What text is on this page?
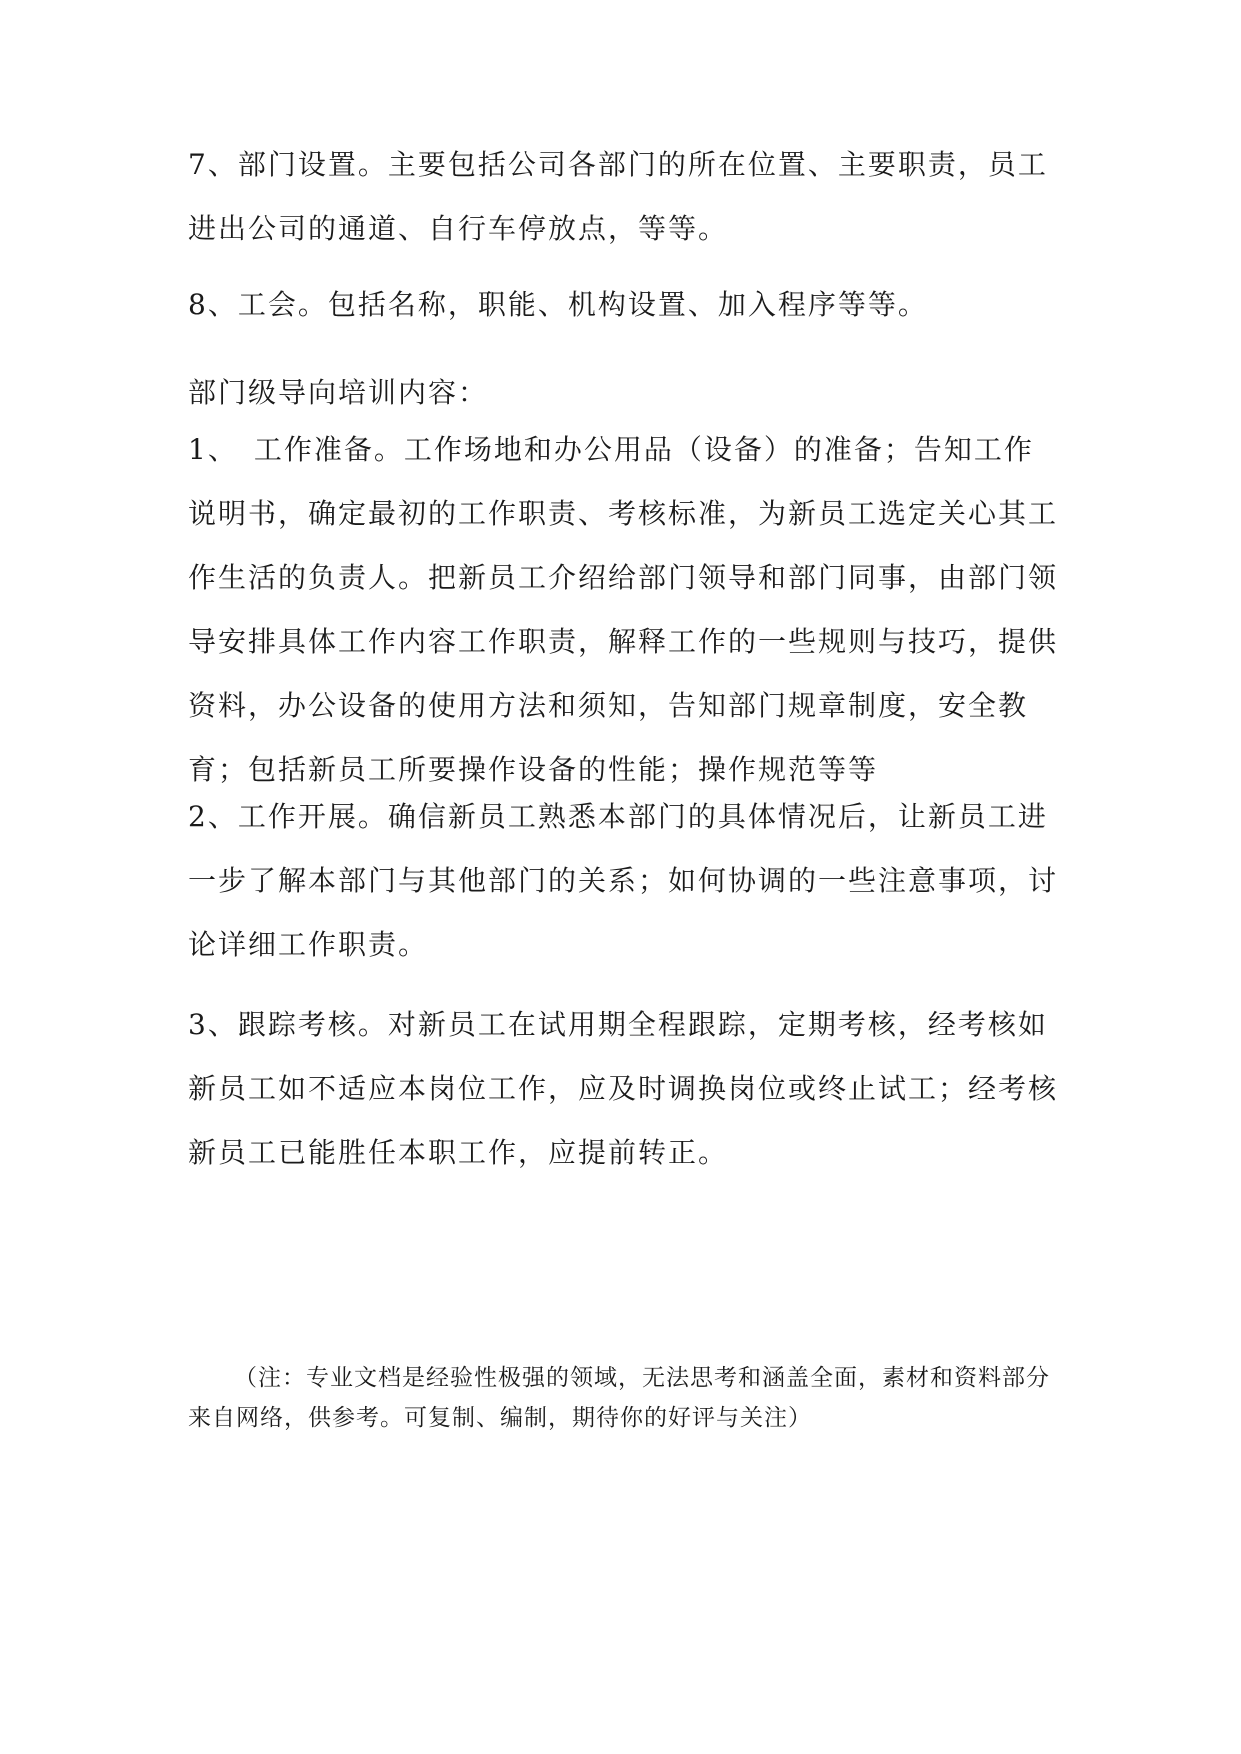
7、部门设置。主要包括公司各部门的所在位置、主要职责，员工进出公司的通道、自行车停放点，等等。

8、工会。包括名称，职能、机构设置、加入程序等等。

部门级导向培训内容：

1、　工作准备。工作场地和办公用品（设备）的准备；告知工作说明书，确定最初的工作职责、考核标准，为新员工选定关心其工作生活的负责人。把新员工介绍给部门领导和部门同事，由部门领导安排具体工作内容工作职责，解释工作的一些规则与技巧，提供资料，办公设备的使用方法和须知，告知部门规章制度，安全教育；包括新员工所要操作设备的性能；操作规范等等

2、工作开展。确信新员工熟悉本部门的具体情况后，让新员工进一步了解本部门与其他部门的关系；如何协调的一些注意事项，讨论详细工作职责。

3、跟踪考核。对新员工在试用期全程跟踪，定期考核，经考核如新员工如不适应本岗位工作，应及时调换岗位或终止试工；经考核新员工已能胜任本职工作，应提前转正。

（注：专业文档是经验性极强的领域，无法思考和涵盖全面，素材和资料部分来自网络，供参考。可复制、编制，期待你的好评与关注）
